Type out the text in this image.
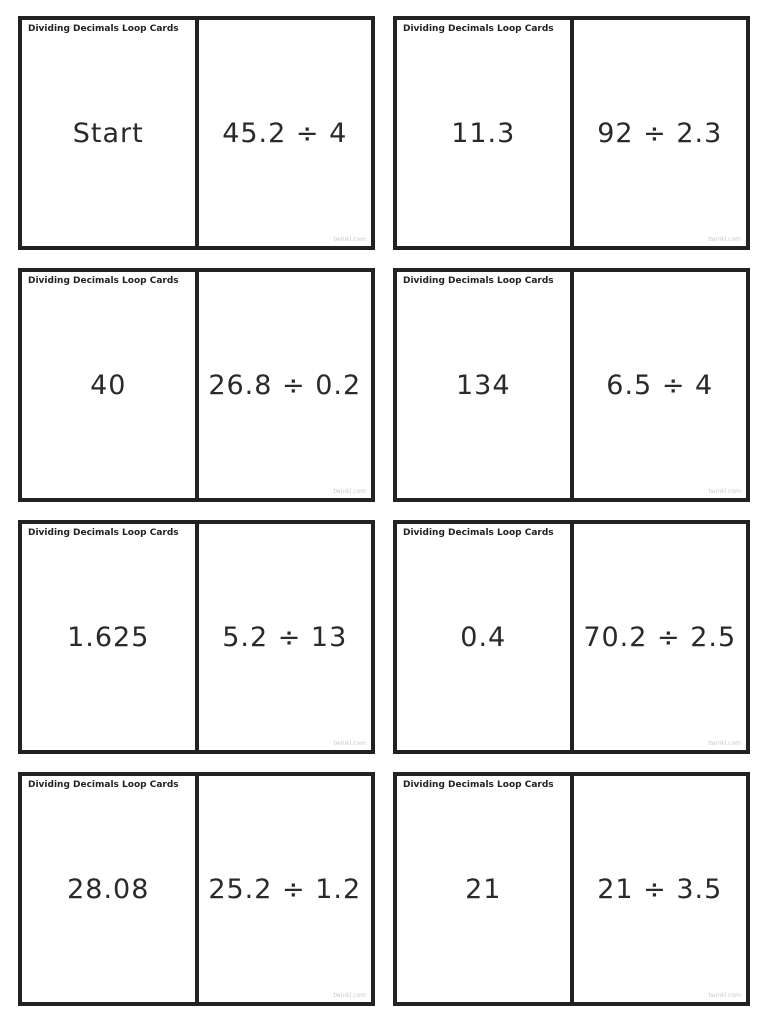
Dividing Decimals Loop Cards
Start	45.2 ÷ 4
twinkl.com
Dividing Decimals Loop Cards
11.3	92 ÷ 2.3
twinkl.com
Dividing Decimals Loop Cards
40	26.8 ÷ 0.2
twinkl.com
Dividing Decimals Loop Cards
134	6.5 ÷ 4
twinkl.com
Dividing Decimals Loop Cards
1.625	5.2 ÷ 13
twinkl.com
Dividing Decimals Loop Cards
0.4	70.2 ÷ 2.5
twinkl.com
Dividing Decimals Loop Cards
28.08 25.2 ÷ 1.2
twinkl.com
Dividing Decimals Loop Cards
21	21 ÷ 3.5
twinkl.com
